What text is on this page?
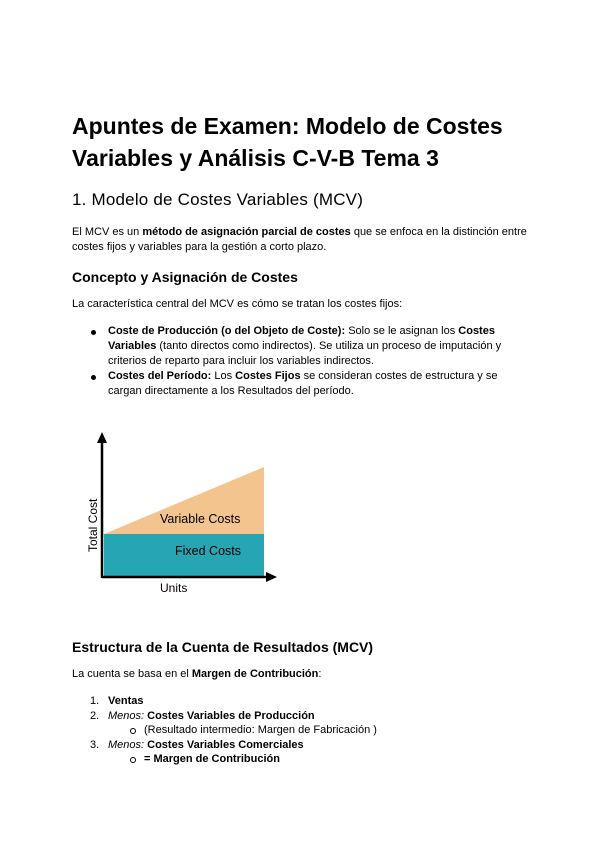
Apuntes de Examen: Modelo de Costes Variables y Análisis C-V-B Tema 3
1. Modelo de Costes Variables (MCV)

El MCV es un método de asignación parcial de costes que se enfoca en la distinción entre costes fijos y variables para la gestión a corto plazo.

Concepto y Asignación de Costes

La característica central del MCV es cómo se tratan los costes fijos:

Coste de Producción (o del Objeto de Coste): Solo se le asignan los Costes Variables (tanto directos como indirectos). Se utiliza un proceso de imputación y criterios de reparto para incluir los variables indirectos.
Costes del Período: Los Costes Fijos se consideran costes de estructura y se cargan directamente a los Resultados del período.
Variable Costs
Fixed Costs
Units
Total Cost
Estructura de la Cuenta de Resultados (MCV)

La cuenta se basa en el Margen de Contribución:

1. Ventas
2. Menos: Costes Variables de Producción
(Resultado intermedio: Margen de Fabricación )
3. Menos: Costes Variables Comerciales
= Margen de Contribución
